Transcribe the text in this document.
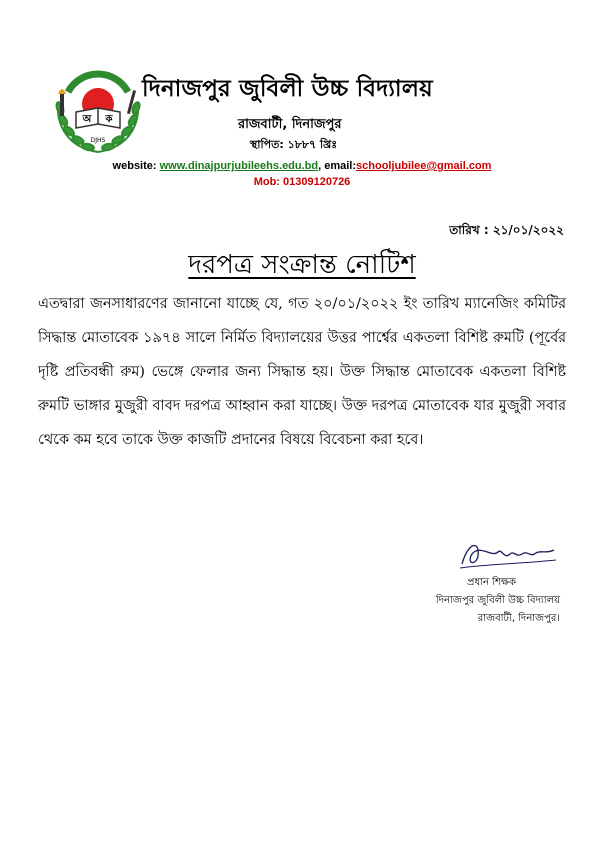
অ ক
DJHS
দিনাজপুর জুবিলী উচ্চ বিদ্যালয়
রাজবাটী, দিনাজপুর
স্থাপিত: ১৮৮৭ খ্রিঃ
website: www.dinajpurjubileehs.edu.bd, email:schooljubilee@gmail.com
Mob: 01309120726
তারিখ : ২১/০১/২০২২
দরপত্র সংক্রান্ত নোটিশ
এতদ্বারা জনসাধারণের জানানো যাচ্ছে যে, গত ২০/০১/২০২২ ইং তারিখ ম্যানেজিং কমিটির সিদ্ধান্ত মোতাবেক ১৯৭৪ সালে নির্মিত বিদ্যালয়ের উত্তর পার্শ্বের একতলা বিশিষ্ট রুমটি (পূর্বের দৃষ্টি প্রতিবন্ধী রুম) ভেঙ্গে ফেলার জন্য সিদ্ধান্ত হয়। উক্ত সিদ্ধান্ত মোতাবেক একতলা বিশিষ্ট রুমটি ভাঙ্গার মুজুরী বাবদ দরপত্র আহ্বান করা যাচ্ছে। উক্ত দরপত্র মোতাবেক যার মুজুরী সবার থেকে কম হবে তাকে উক্ত কাজটি প্রদানের বিষয়ে বিবেচনা করা হবে।
প্রধান শিক্ষক
দিনাজপুর জুবিলী উচ্চ বিদ্যালয়
রাজবাটী, দিনাজপুর।
